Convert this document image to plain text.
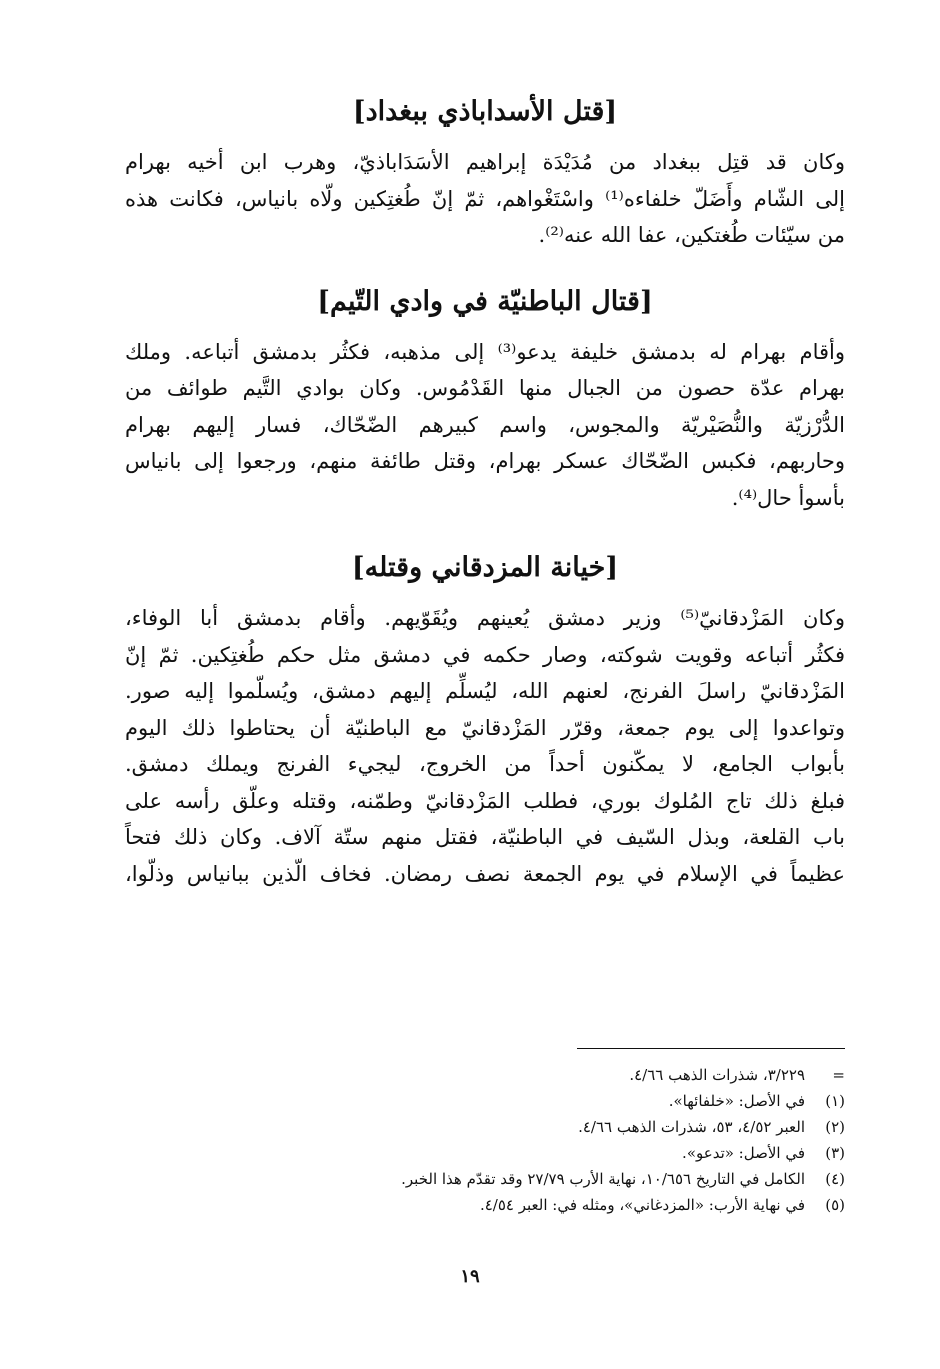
[قتل الأسداباذي ببغداد]

وكان قد قتِل ببغداد من مُدَيْدَة إبراهيم الأسَدَاباذيّ، وهرب ابن أخيه بهرام
إلى الشّام وأَضَلّ خلفاءه⁽¹⁾ واسْتَغْواهم، ثمّ إنّ طُغتِكين ولّاه بانياس، فكانت هذه
من سيّئات طُغتكين، عفا الله عنه⁽²⁾.

[قتال الباطنيّة في وادي التّيم]

وأقام بهرام له بدمشق خليفة يدعو⁽³⁾ إلى مذهبه، فكثُر بدمشق أتباعه. وملك
بهرام عدّة حصون من الجبال منها القَدْمُوس. وكان بوادي التَّيم طوائف من
الدُّرْزيّة والنُّصَيْريّة والمجوس، واسم كبيرهم الضّحّاك، فسار إليهم بهرام
وحاربهم، فكبس الضّحّاك عسكر بهرام، وقتل طائفة منهم، ورجعوا إلى بانياس
بأسوأ حال⁽⁴⁾.

[خيانة المزدقاني وقتله]

وكان المَزْدقانيّ⁽⁵⁾ وزير دمشق يُعينهم ويُقَوّيهم. وأقام بدمشق أبا الوفاء،
فكثُر أتباعه وقويت شوكته، وصار حكمه في دمشق مثل حكم طُغتِكين. ثمّ إنّ
المَزْدقانيّ راسلَ الفرنج، لعنهم الله، ليُسلِّم إليهم دمشق، ويُسلّموا إليه صور.
وتواعدوا إلى يوم جمعة، وقرّر المَزْدقانيّ مع الباطنيّة أن يحتاطوا ذلك اليوم
بأبواب الجامع، لا يمكّنون أحداً من الخروج، ليجيء الفرنج ويملك دمشق.
فبلغ ذلك تاج المُلوك بوري، فطلب المَزْدقانيّ وطمّنه، وقتله وعلّق رأسه على
باب القلعة، وبذل السّيف في الباطنيّة، فقتل منهم ستّة آلاف. وكان ذلك فتحاً
عظيماً في الإسلام في يوم الجمعة نصف رمضان. فخاف الّذين ببانياس وذلّوا،

=
٣/٢٢٩، شذرات الذهب ٤/٦٦.
(١)
في الأصل: «خلفائها».
(٢)
العبر ٤/٥٢، ٥٣، شذرات الذهب ٤/٦٦.
(٣)
في الأصل: «تدعو».
(٤)
الكامل في التاريخ ١٠/٦٥٦، نهاية الأرب ٢٧/٧٩ وقد تقدّم هذا الخبر.
(٥)
في نهاية الأرب: «المزدغاني»، ومثله في: العبر ٤/٥٤.
١٩
